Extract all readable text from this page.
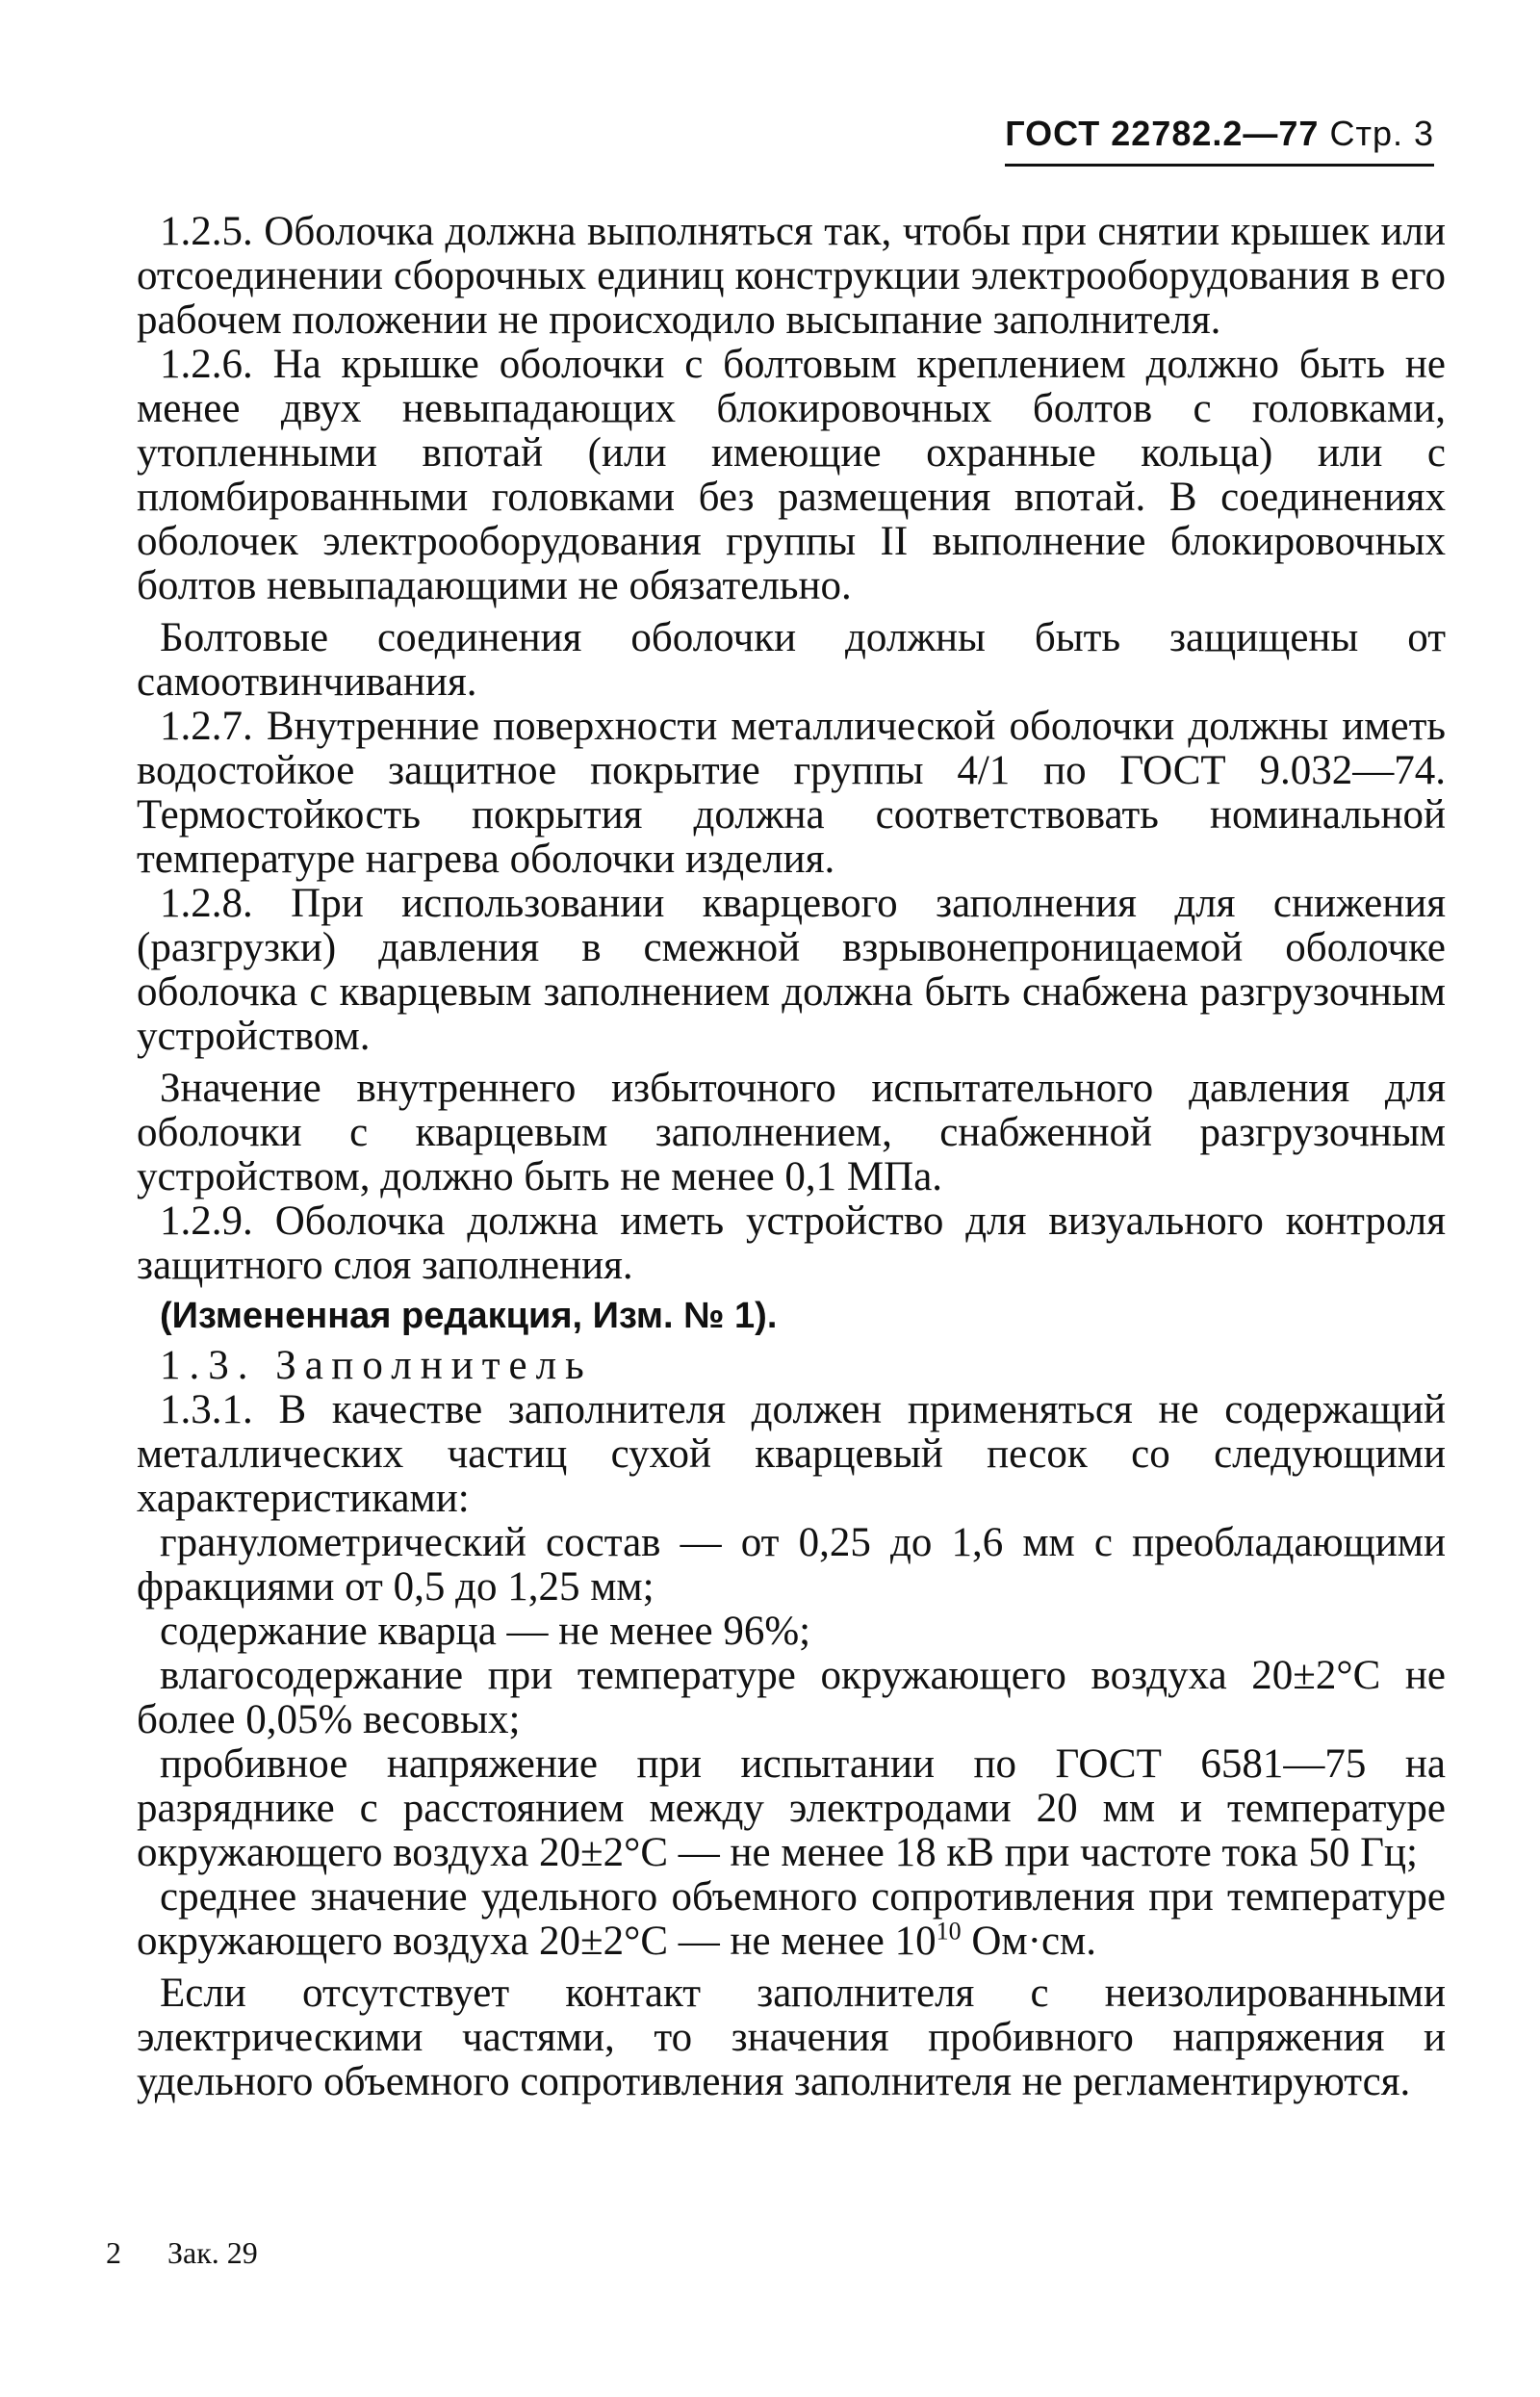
ГОСТ 22782.2—77 Стр. 3

1.2.5. Оболочка должна выполняться так, чтобы при снятии крышек или отсоединении сборочных единиц конструкции электрооборудования в его рабочем положении не происходило высыпание заполнителя.

1.2.6. На крышке оболочки с болтовым креплением должно быть не менее двух невыпадающих блокировочных болтов с головками, утопленными впотай (или имеющие охранные кольца) или с пломбированными головками без размещения впотай. В соединениях оболочек электрооборудования группы II выполнение блокировочных болтов невыпадающими не обязательно.

Болтовые соединения оболочки должны быть защищены от самоотвинчивания.

1.2.7. Внутренние поверхности металлической оболочки должны иметь водостойкое защитное покрытие группы 4/1 по ГОСТ 9.032—74. Термостойкость покрытия должна соответствовать номинальной температуре нагрева оболочки изделия.

1.2.8. При использовании кварцевого заполнения для снижения (разгрузки) давления в смежной взрывонепроницаемой оболочке оболочка с кварцевым заполнением должна быть снабжена разгрузочным устройством.

Значение внутреннего избыточного испытательного давления для оболочки с кварцевым заполнением, снабженной разгрузочным устройством, должно быть не менее 0,1 МПа.

1.2.9. Оболочка должна иметь устройство для визуального контроля защитного слоя заполнения.

(Измененная редакция, Изм. № 1).

1.3. Заполнитель

1.3.1. В качестве заполнителя должен применяться не содержащий металлических частиц сухой кварцевый песок со следующими характеристиками:

гранулометрический состав — от 0,25 до 1,6 мм с преобладающими фракциями от 0,5 до 1,25 мм;

содержание кварца — не менее 96%;

влагосодержание при температуре окружающего воздуха 20±2°С не более 0,05% весовых;

пробивное напряжение при испытании по ГОСТ 6581—75 на разряднике с расстоянием между электродами 20 мм и температуре окружающего воздуха 20±2°С — не менее 18 кВ при частоте тока 50 Гц;

среднее значение удельного объемного сопротивления при температуре окружающего воздуха 20±2°С — не менее $10^{10}$ Ом·см.

Если отсутствует контакт заполнителя с неизолированными электрическими частями, то значения пробивного напряжения и удельного объемного сопротивления заполнителя не регламентируются.

2 Зак. 29
